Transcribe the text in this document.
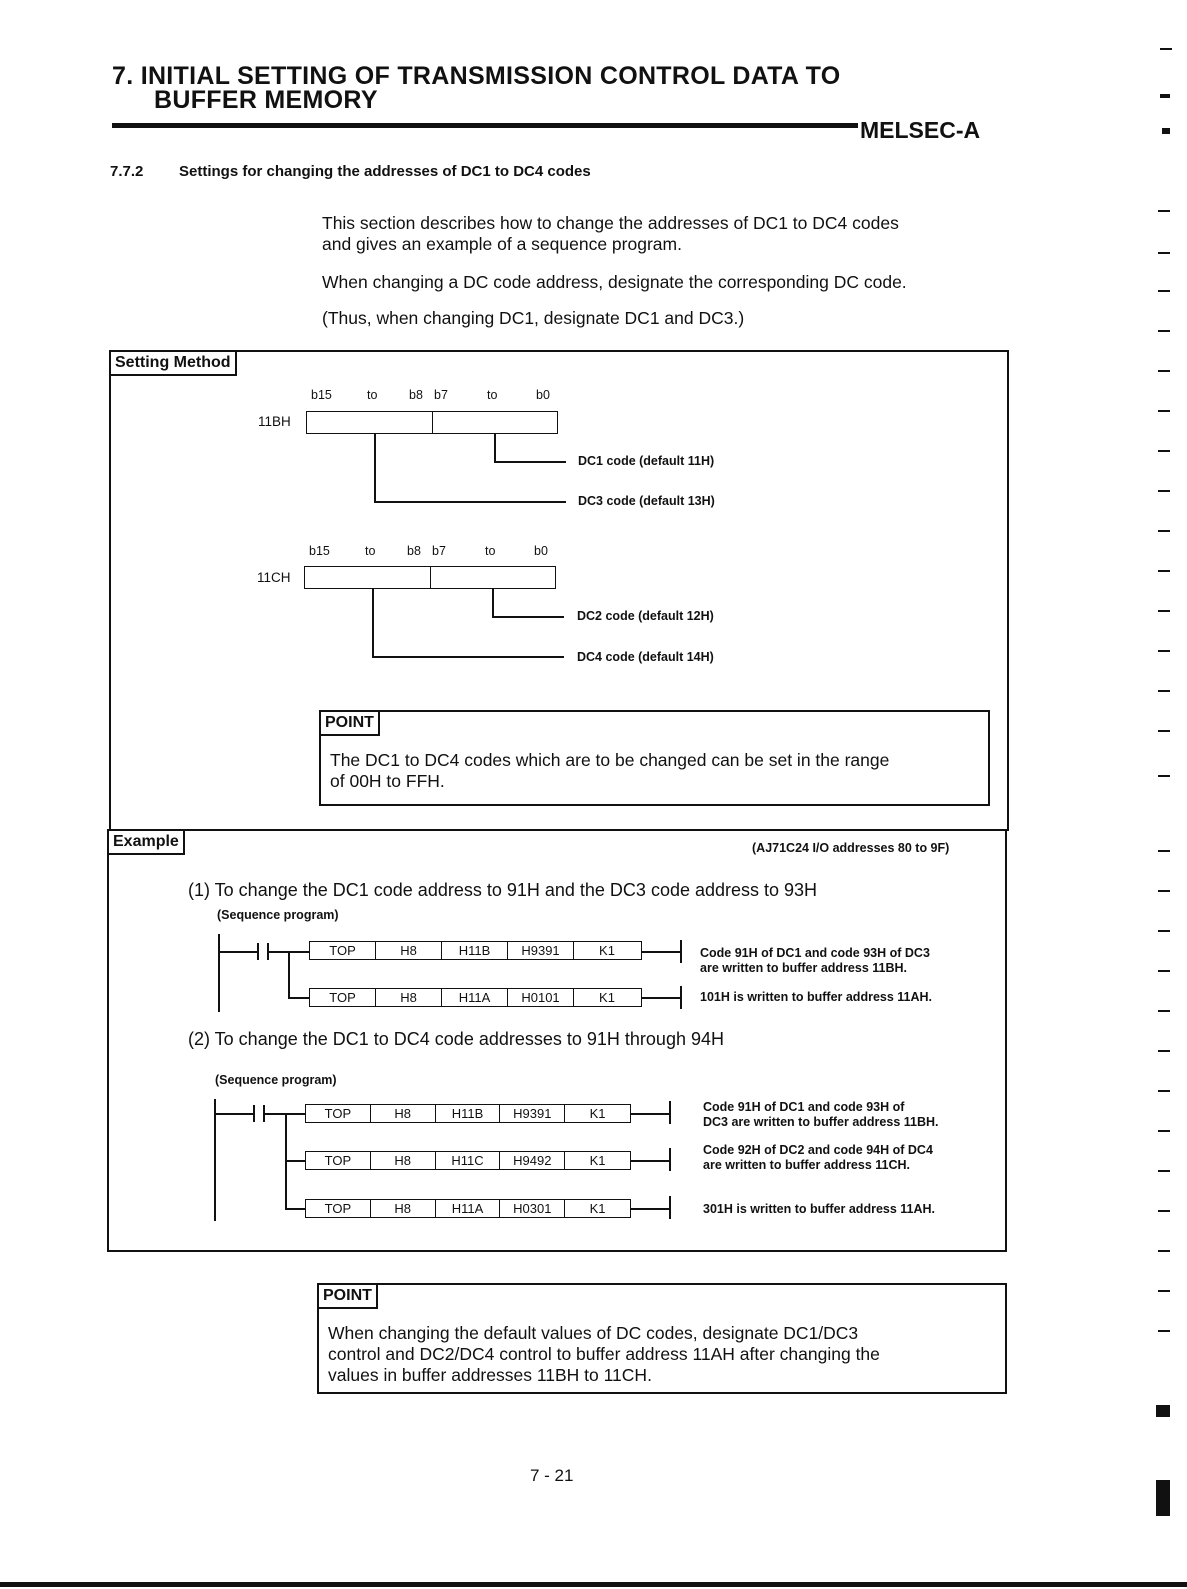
7. INITIAL SETTING OF TRANSMISSION CONTROL DATA TO
BUFFER MEMORY
MELSEC-A
7.7.2 Settings for changing the addresses of DC1 to DC4 codes
This section describes how to change the addresses of DC1 to DC4 codes
and gives an example of a sequence program.
When changing a DC code address, designate the corresponding DC code.
(Thus, when changing DC1, designate DC1 and DC3.)
Setting Method
b15	to	b8 b7	to	b0
11BH
DC1 code (default 11H)
DC3 code (default 13H)
b15	to	b8 b7	to	b0
11CH
DC2 code (default 12H)
DC4 code (default 14H)
POINT
The DC1 to DC4 codes which are to be changed can be set in the range
of 00H to FFH.
Example	(AJ71C24 I/O addresses 80 to 9F)
(1) To change the DC1 code address to 91H and the DC3 code address to 93H
(Sequence program)
TOP	H8	H11B	H9391	K1
TOP	H8	H11A	H0101	K1
Code 91H of DC1 and code 93H of DC3
are written to buffer address 11BH.
101H is written to buffer address 11AH.
(2) To change the DC1 to DC4 code addresses to 91H through 94H
(Sequence program)
TOP	H8	H11B	H9391	K1
TOP	H8	H11C	H9492	K1
TOP	H8	H11A	H0301	K1
Code 91H of DC1 and code 93H of
DC3 are written to buffer address 11BH.
Code 92H of DC2 and code 94H of DC4
are written to buffer address 11CH.
301H is written to buffer address 11AH.
POINT
When changing the default values of DC codes, designate DC1/DC3
control and DC2/DC4 control to buffer address 11AH after changing the
values in buffer addresses 11BH to 11CH.
7 - 21
